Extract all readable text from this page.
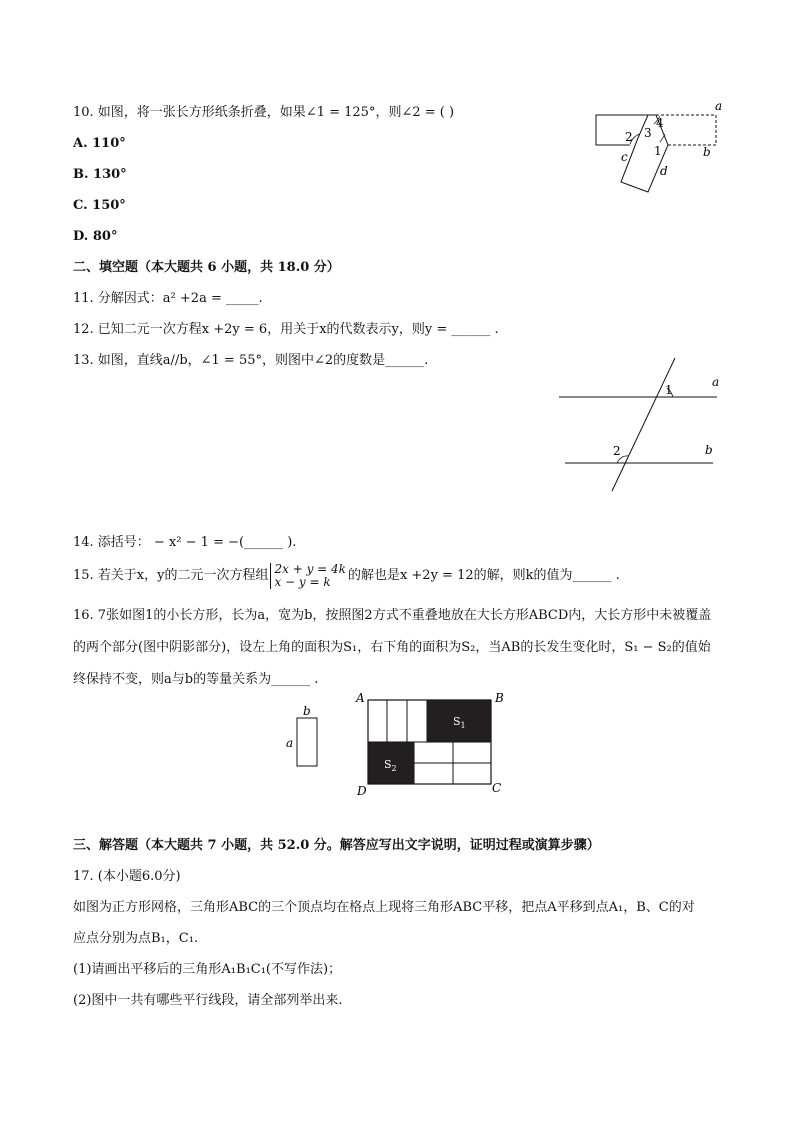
10. 如图，将一张长方形纸条折叠，如果∠1 = 125°，则∠2 = ( )
A. 110°
B. 130°
C. 150°
D. 80°
a
b
c
d
1
2 3
4
二、填空题（本大题共 6 小题，共 18.0 分）
11. 分解因式：a² +2a = _____.
12. 已知二元一次方程x +2y = 6，用关于x的代数表示y，则y = ______ .
13. 如图，直线a//b，∠1 = 55°，则图中∠2的度数是______.
1
2
a
b
14. 添括号： − x² − 1 = −(______ ).
15. 若关于x，y的二元一次方程组 2x + y = 4k
x − y = k 的解也是x +2y = 12的解，则k的值为______ .
16. 7张如图1的小长方形，长为a，宽为b，按照图2方式不重叠地放在大长方形ABCD内，大长方形中未被覆盖的两个部分(图中阴影部分)，设左上角的面积为S₁，右下角的面积为S₂，当AB的长发生变化时，S₁ − S₂的值始终保持不变，则a与b的等量关系为______ .
b
a
$S_1$
$S_2$
A	B
C
D
三、解答题（本大题共 7 小题，共 52.0 分。解答应写出文字说明，证明过程或演算步骤）
17. (本小题6.0分)
如图为正方形网格，三角形ABC的三个顶点均在格点上现将三角形ABC平移，把点A平移到点A₁，B、C的对
应点分别为点B₁，C₁.
(1)请画出平移后的三角形A₁B₁C₁(不写作法)；
(2)图中一共有哪些平行线段，请全部列举出来.
